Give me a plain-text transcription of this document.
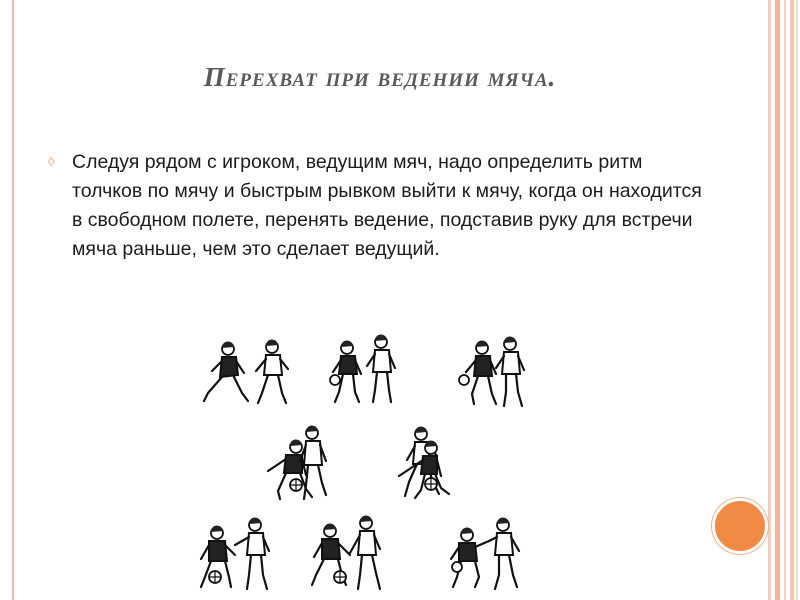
Перехват при ведении мяча.
◊ Следуя рядом с игроком, ведущим мяч, надо определить ритм толчков по мячу и быстрым рывком выйти к мячу, когда он находится в свободном полете, перенять ведение, подставив руку для встречи мяча раньше, чем это сделает ведущий.
